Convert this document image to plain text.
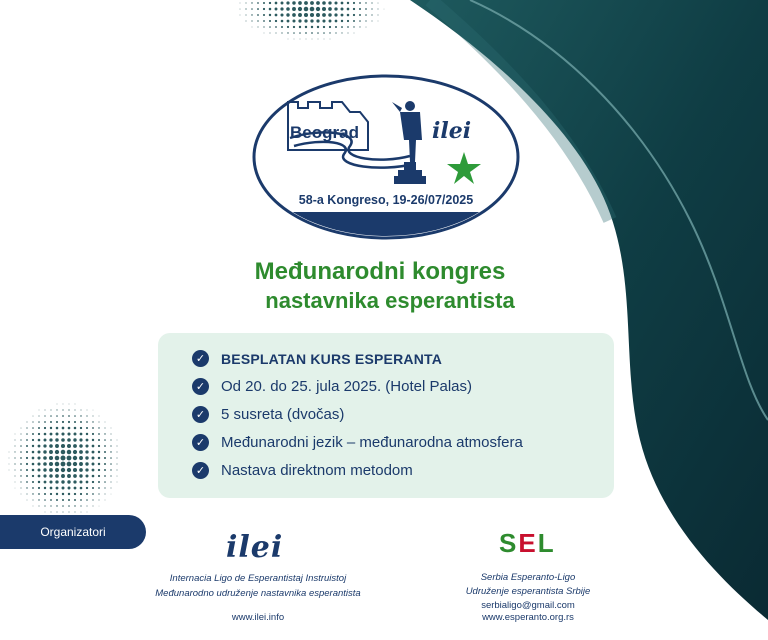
Beograd	ilei
58-a Kongreso, 19-26/07/2025
Međunarodni kongres
nastavnika esperantista
✓ BESPLATAN KURS ESPERANTA
✓ Od 20. do 25. jula 2025. (Hotel Palas)
✓ 5 susreta (dvočas)
✓ Međunarodni jezik – međunarodna atmosfera
✓ Nastava direktnom metodom
Organizatori	ilei
Internacia Ligo de Esperantistaj Instruistoj
Međunarodno udruženje nastavnika esperantista
www.ilei.info
SEL
Serbia Esperanto-Ligo
Udruženje esperantista Srbije
serbialigo@gmail.com
www.esperanto.org.rs
